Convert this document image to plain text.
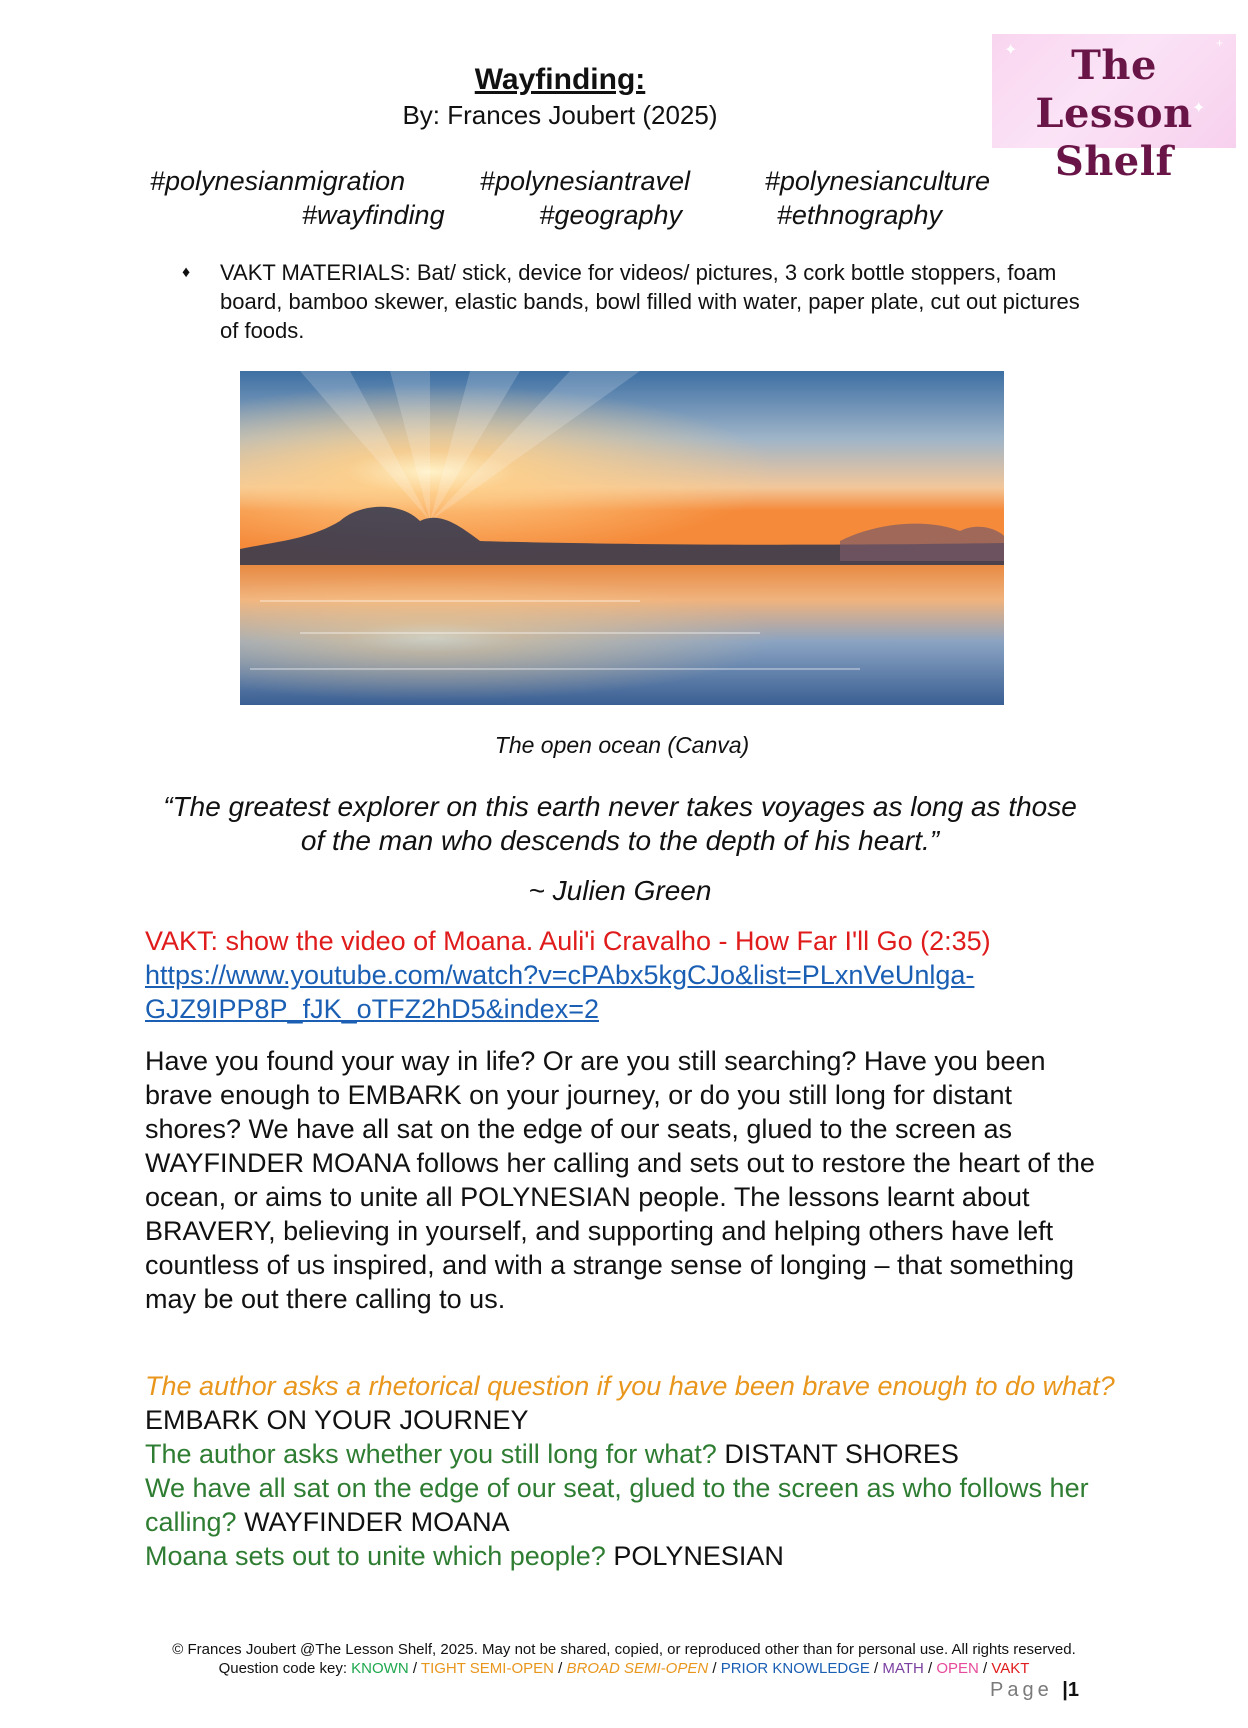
Wayfinding:
By: Frances Joubert (2025)
✦
✦
+
The Lesson
Shelf
#polynesianmigration	#polynesiantravel	#polynesianculture
#wayfinding	#geography	#ethnography
♦	VAKT MATERIALS: Bat/ stick, device for videos/ pictures, 3 cork bottle stoppers, foam board, bamboo skewer, elastic bands, bowl filled with water, paper plate, cut out pictures of foods.
The open ocean (Canva)
“The greatest explorer on this earth never takes voyages as long as those of the man who descends to the depth of his heart.”
~ Julien Green
VAKT: show the video of Moana. Auli'i Cravalho - How Far I'll Go (2:35)
https://www.youtube.com/watch?v=cPAbx5kgCJo&list=PLxnVeUnlga-GJZ9IPP8P_fJK_oTFZ2hD5&index=2
Have you found your way in life? Or are you still searching? Have you been brave enough to EMBARK on your journey, or do you still long for distant shores? We have all sat on the edge of our seats, glued to the screen as WAYFINDER MOANA follows her calling and sets out to restore the heart of the ocean, or aims to unite all POLYNESIAN people. The lessons learnt about BRAVERY, believing in yourself, and supporting and helping others have left countless of us inspired, and with a strange sense of longing – that something may be out there calling to us.

The author asks a rhetorical question if you have been brave enough to do what? EMBARK ON YOUR JOURNEY

The author asks whether you still long for what? DISTANT SHORES

We have all sat on the edge of our seat, glued to the screen as who follows her calling? WAYFINDER MOANA

Moana sets out to unite which people? POLYNESIAN

© Frances Joubert @The Lesson Shelf, 2025. May not be shared, copied, or reproduced other than for personal use. All rights reserved.
Question code key: KNOWN / TIGHT SEMI-OPEN / BROAD SEMI-OPEN / PRIOR KNOWLEDGE / MATH / OPEN / VAKT
Page |1
